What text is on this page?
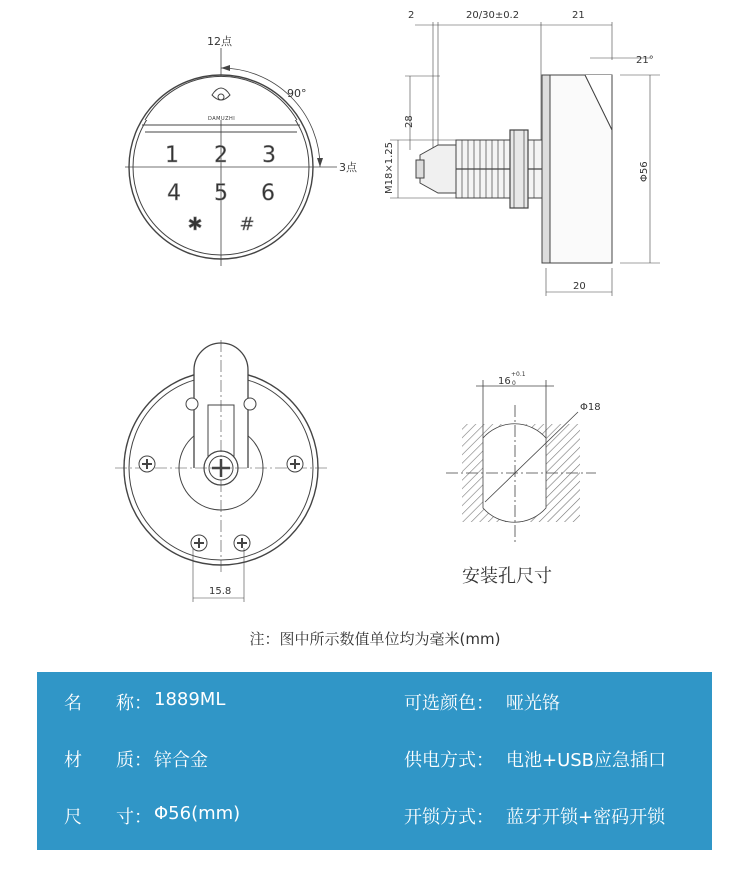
12点
3点
90°
DAMUZHI
1 2 3
4 5 6
✱ #
2	20/30±0.2	21
21°
28
M18×1.25	Φ56
20
15.8
16
+0.1
0
Φ18
安装孔尺寸
注：图中所示数值单位均为毫米(mm)
名 称： 1889ML
材 质： 锌合金
尺 寸： Φ56(mm)
可选颜色： 哑光铬
供电方式： 电池+USB应急插口
开锁方式： 蓝牙开锁+密码开锁
